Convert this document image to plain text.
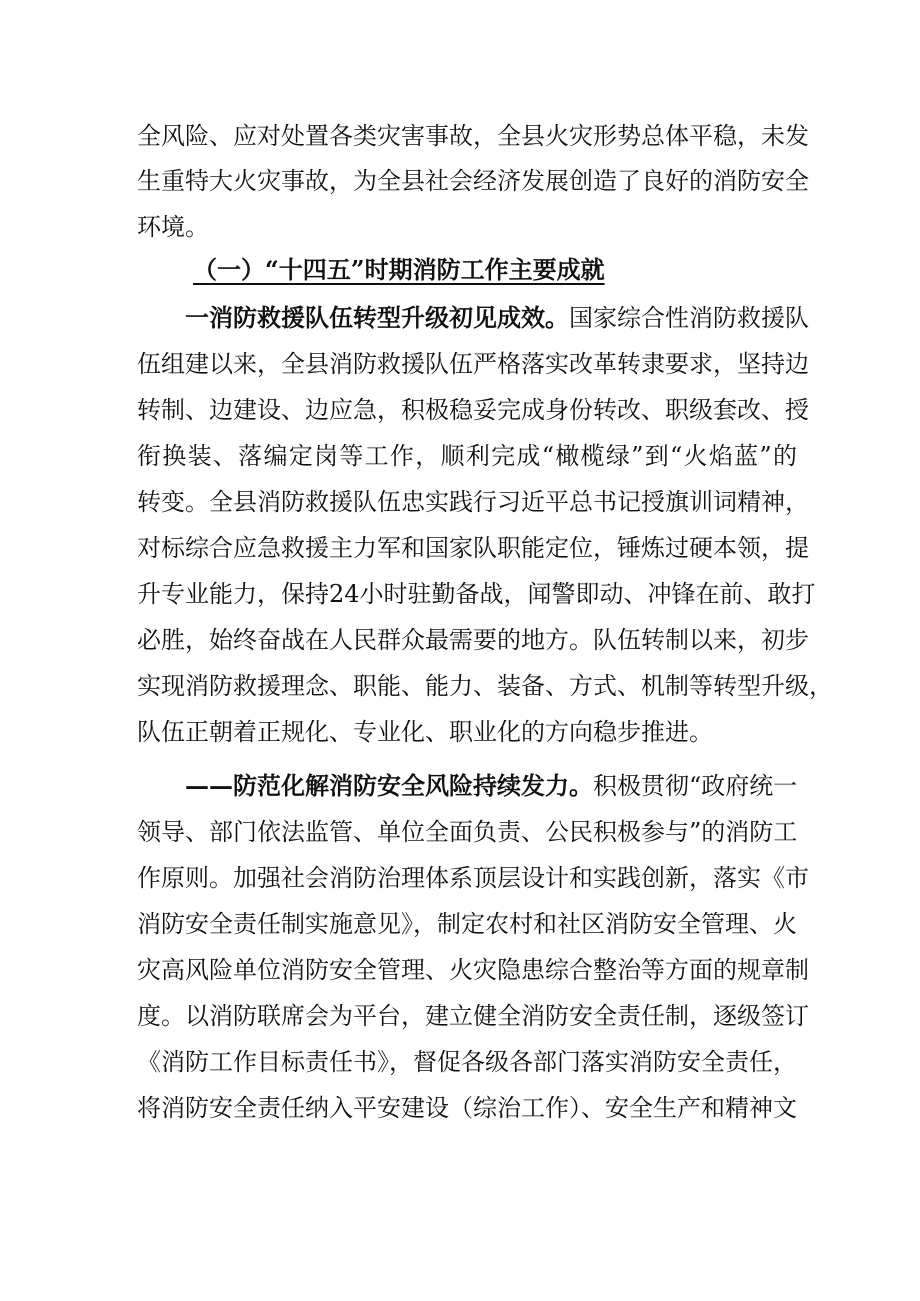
全风险、应对处置各类灾害事故，全县火灾形势总体平稳，未发
生重特大火灾事故，为全县社会经济发展创造了良好的消防安全
环境。
（一）“十四五”时期消防工作主要成就
一消防救援队伍转型升级初见成效。国家综合性消防救援队
伍组建以来，全县消防救援队伍严格落实改革转隶要求，坚持边
转制、边建设、边应急，积极稳妥完成身份转改、职级套改、授
衔换装、落编定岗等工作，顺利完成“橄榄绿”到“火焰蓝”的
转变。全县消防救援队伍忠实践行习近平总书记授旗训词精神，
对标综合应急救援主力军和国家队职能定位，锤炼过硬本领，提
升专业能力，保持24小时驻勤备战，闻警即动、冲锋在前、敢打
必胜，始终奋战在人民群众最需要的地方。队伍转制以来，初步
实现消防救援理念、职能、能力、装备、方式、机制等转型升级，
队伍正朝着正规化、专业化、职业化的方向稳步推进。
——防范化解消防安全风险持续发力。积极贯彻“政府统一
领导、部门依法监管、单位全面负责、公民积极参与”的消防工
作原则。加强社会消防治理体系顶层设计和实践创新，落实《市
消防安全责任制实施意见》，制定农村和社区消防安全管理、火
灾高风险单位消防安全管理、火灾隐患综合整治等方面的规章制
度。以消防联席会为平台，建立健全消防安全责任制，逐级签订
《消防工作目标责任书》，督促各级各部门落实消防安全责任，
将消防安全责任纳入平安建设（综治工作）、安全生产和精神文
